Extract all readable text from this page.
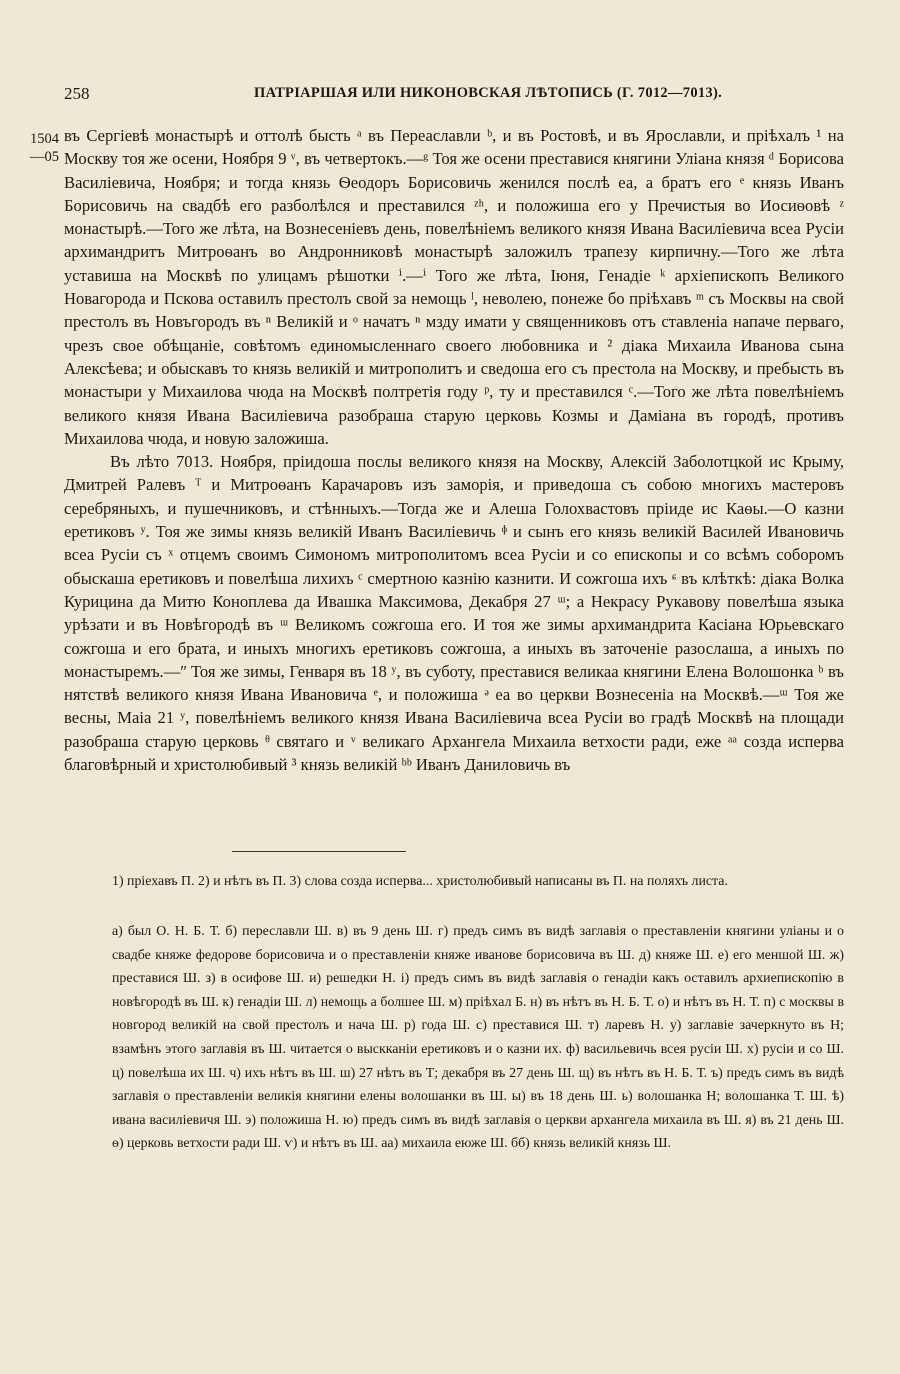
258	ПАТРІАРШАЯ ИЛИ НИКОНОВСКАЯ ЛѢТОПИСЬ (Г. 7012—7013).
1504
—05

въ Сергіевѣ монастырѣ и оттолѣ бысть ᵃ въ Переаславли ᵇ, и въ Ростовѣ, и въ Ярославли, и пріѣхалъ ¹ на Москву тоя же осени, Ноября 9 ᵛ, въ четвертокъ.—ᵍ Тоя же осени преставися княгини Уліана князя ᵈ Борисова Василіевича, Ноября; и тогда князь Ѳеодоръ Борисовичь женился послѣ еа, а братъ его ᵉ князь Иванъ Борисовичь на свадбѣ его разболѣлся и преставился ᶻʰ, и положиша его у Пречистыя во Иосиѳовѣ ᶻ монастырѣ.—Того же лѣта, на Вознесеніевъ день, повелѣніемъ великого князя Ивана Василіевича всеа Русіи архимандритъ Митроѳанъ во Андронниковѣ монастырѣ заложилъ трапезу кирпичну.—Того же лѣта уставиша на Москвѣ по улицамъ рѣшотки ⁱ.—ⁱ Того же лѣта, Іюня, Генадіе ᵏ архіепископъ Великого Новагорода и Пскова оставилъ престолъ свой за немощь ˡ, неволею, понеже бо пріѣхавъ ᵐ съ Москвы на свой престолъ въ Новъгородъ въ ⁿ Великій и ᵒ начатъ ⁿ мзду имати у священниковъ отъ ставленіа напаче перваго, чрезъ свое обѣщаніе, совѣтомъ единомысленнаго своего любовника и ² діака Михаила Иванова сына Алексѣева; и обыскавъ то князь великій и митрополитъ и сведоша его съ престола на Москву, и пребысть въ монастыри у Михаилова чюда на Москвѣ полтретія году ᵖ, ту и преставился ᶜ.—Того же лѣта повелѣніемъ великого князя Ивана Василіевича разобраша старую церковь Козмы и Даміана въ городѣ, противъ Михаилова чюда, и новую заложиша.

Въ лѣто 7013. Ноября, пріидоша послы великого князя на Москву, Алексій Заболотцкой ис Крыму, Дмитрей Ралевъ ᵀ и Митроѳанъ Карачаровъ изъ заморія, и приведоша съ собою многихъ мастеровъ серебряныхъ, и пушечниковъ, и стѣнныхъ.—Тогда же и Алеша Голохвастовъ пріиде ис Каѳы.—О казни еретиковъ ʸ. Тоя же зимы князь великій Иванъ Василіевичь ᶲ и сынъ его князь великій Василей Ивановичь всеа Русіи съ ˣ отцемъ своимъ Симономъ митрополитомъ всеа Русіи и со епископы и со всѣмъ соборомъ обыскаша еретиковъ и повелѣша лихихъ ᶜ смертною казнію казнити. И сожгоша ихъ ᶝ въ клѣткѣ: діака Волка Курицина да Митю Коноплева да Ивашка Максимова, Декабря 27 ᵚ; а Некрасу Рукавову повелѣша языка урѣзати и въ Новѣгородѣ въ ᵚ Великомъ сожгоша его. И тоя же зимы архимандрита Касіана Юрьевскаго сожгоша и его брата, и иныхъ многихъ еретиковъ сожгоша, а иныхъ въ заточеніе разослаша, а иныхъ по монастыремъ.—ʺ Тоя же зимы, Генваря въ 18 ʸ, въ суботу, преставися великаа княгини Елена Волошонка ᵇ въ нятствѣ великого князя Ивана Ивановича ᵉ, и положиша ᵊ еа во церкви Вознесеніа на Москвѣ.—ᵚ Тоя же весны, Маіа 21 ʸ, повелѣніемъ великого князя Ивана Василіевича всеа Русіи во градѣ Москвѣ на площади разобраша старую церковь ᶿ святаго и ᵛ великаго Архангела Михаила ветхости ради, еже ᵃᵃ созда исперва благовѣрный и христолюбивый ³ князь великій ᵇᵇ Иванъ Даниловичь въ

1) пріехавъ П. 2) и нѣтъ въ П. 3) слова созда исперва... христолюбивый написаны въ П. на поляхъ листа.

а) был О. Н. Б. Т. б) переславли Ш. в) въ 9 день Ш. г) предъ симъ въ видѣ заглавія о преставленіи княгини уліаны и о свадбе княже федорове борисовича и о преставленіи княже ивановe борисовича въ Ш. д) княже Ш. е) его меншой Ш. ж) преставися Ш. з) в осифове Ш. и) решедки Н. і) предъ симъ въ видѣ заглавія о генадіи какъ оставилъ архиепископію в новѣгородѣ въ Ш. к) генадіи Ш. л) немощь а болшее Ш. м) пріѣхал Б. н) въ нѣтъ въ Н. Б. Т. о) и нѣтъ въ Н. Т. п) с москвы в новгород великій на свой престолъ и нача Ш. р) года Ш. с) преставися Ш. т) ларевъ Н. у) заглавіе зачеркнуто въ Н; взамѣнъ этого заглавія въ Ш. читается о выскканіи еретиковъ и о казни их. ф) васильевичь всея русіи Ш. х) русіи и со Ш. ц) повелѣша их Ш. ч) ихъ нѣтъ въ Ш. ш) 27 нѣтъ въ Т; декабря въ 27 день Ш. щ) въ нѣтъ въ Н. Б. Т. ъ) предъ симъ въ видѣ заглавія о преставленіи великія княгини елены волошанки въ Ш. ы) въ 18 день Ш. ь) волошанка Н; волошанка Т. Ш. ѣ) ивана василіевичя Ш. э) положиша Н. ю) предъ симъ въ видѣ заглавія о церкви архангела михаила въ Ш. я) въ 21 день Ш. ѳ) церковь ветхости ради Ш. ѵ) и нѣтъ въ Ш. аа) михаила еюже Ш. бб) князь великій князь Ш.
